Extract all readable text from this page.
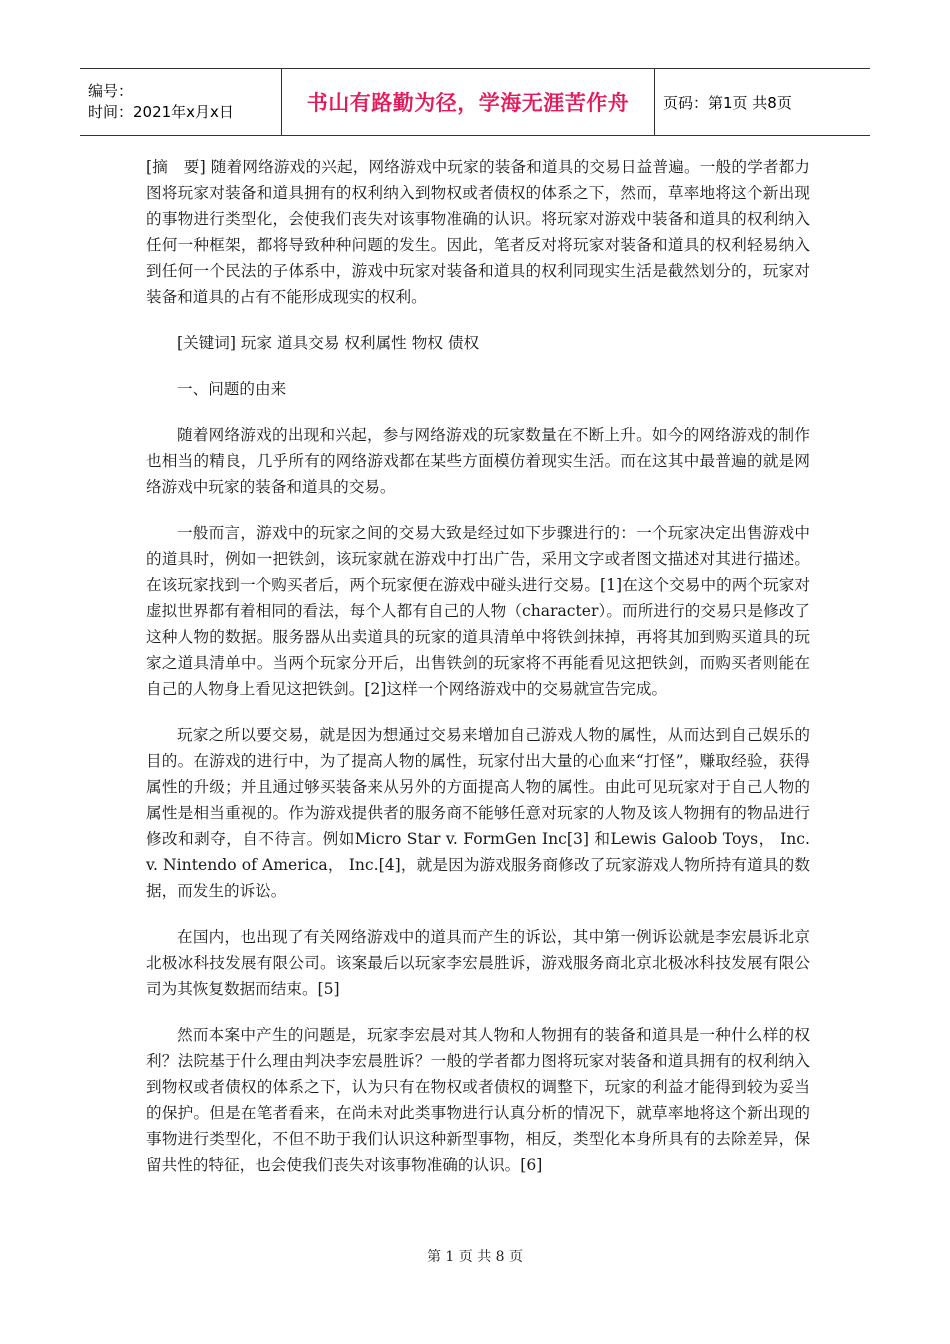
编号：
时间：2021年x月x日	书山有路勤为径，学海无涯苦作舟 页码：第1页 共8页

[摘　要] 随着网络游戏的兴起，网络游戏中玩家的装备和道具的交易日益普遍。一般的学者都力图将玩家对装备和道具拥有的权利纳入到物权或者债权的体系之下，然而，草率地将这个新出现的事物进行类型化，会使我们丧失对该事物准确的认识。将玩家对游戏中装备和道具的权利纳入任何一种框架，都将导致种种问题的发生。因此，笔者反对将玩家对装备和道具的权利轻易纳入到任何一个民法的子体系中，游戏中玩家对装备和道具的权利同现实生活是截然划分的，玩家对装备和道具的占有不能形成现实的权利。

[关键词] 玩家 道具交易 权利属性 物权 债权

一、问题的由来

随着网络游戏的出现和兴起，参与网络游戏的玩家数量在不断上升。如今的网络游戏的制作也相当的精良，几乎所有的网络游戏都在某些方面模仿着现实生活。而在这其中最普遍的就是网络游戏中玩家的装备和道具的交易。

一般而言，游戏中的玩家之间的交易大致是经过如下步骤进行的：一个玩家决定出售游戏中的道具时，例如一把铁剑，该玩家就在游戏中打出广告，采用文字或者图文描述对其进行描述。在该玩家找到一个购买者后，两个玩家便在游戏中碰头进行交易。[1]在这个交易中的两个玩家对虚拟世界都有着相同的看法，每个人都有自己的人物（character）。而所进行的交易只是修改了这种人物的数据。服务器从出卖道具的玩家的道具清单中将铁剑抹掉，再将其加到购买道具的玩家之道具清单中。当两个玩家分开后，出售铁剑的玩家将不再能看见这把铁剑，而购买者则能在自己的人物身上看见这把铁剑。[2]这样一个网络游戏中的交易就宣告完成。

玩家之所以要交易，就是因为想通过交易来增加自己游戏人物的属性，从而达到自己娱乐的目的。在游戏的进行中，为了提高人物的属性，玩家付出大量的心血来“打怪”，赚取经验，获得属性的升级；并且通过够买装备来从另外的方面提高人物的属性。由此可见玩家对于自己人物的属性是相当重视的。作为游戏提供者的服务商不能够任意对玩家的人物及该人物拥有的物品进行修改和剥夺，自不待言。例如Micro Star v. FormGen Inc[3] 和Lewis Galoob Toys， Inc. v. Nintendo of America， Inc.[4]，就是因为游戏服务商修改了玩家游戏人物所持有道具的数据，而发生的诉讼。

在国内，也出现了有关网络游戏中的道具而产生的诉讼，其中第一例诉讼就是李宏晨诉北京北极冰科技发展有限公司。该案最后以玩家李宏晨胜诉，游戏服务商北京北极冰科技发展有限公司为其恢复数据而结束。[5]

然而本案中产生的问题是，玩家李宏晨对其人物和人物拥有的装备和道具是一种什么样的权利？法院基于什么理由判决李宏晨胜诉？一般的学者都力图将玩家对装备和道具拥有的权利纳入到物权或者债权的体系之下，认为只有在物权或者债权的调整下，玩家的利益才能得到较为妥当的保护。但是在笔者看来，在尚未对此类事物进行认真分析的情况下，就草率地将这个新出现的事物进行类型化，不但不助于我们认识这种新型事物，相反，类型化本身所具有的去除差异，保留共性的特征，也会使我们丧失对该事物准确的认识。[6]

第 1 页 共 8 页
